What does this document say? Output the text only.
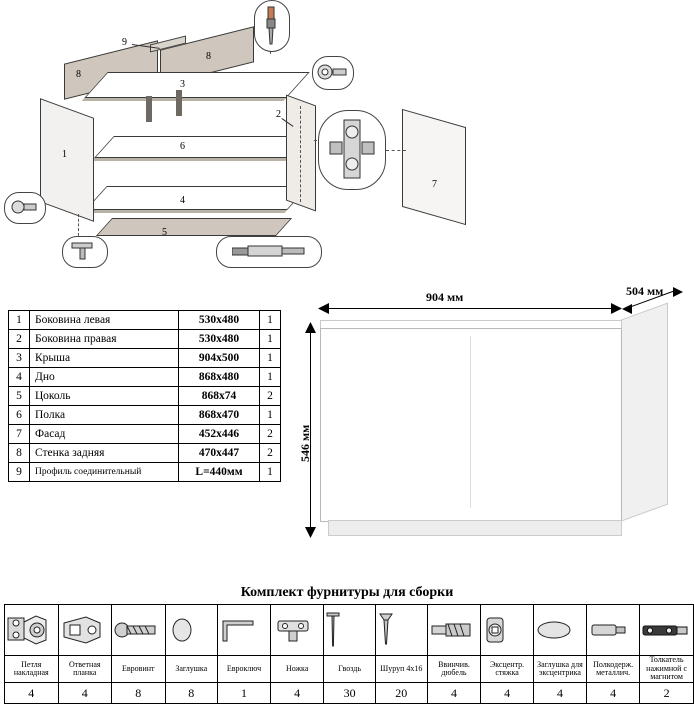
9
8
8
3
1
2
6
4
5
7
1	Боковина левая	530х480	1
2	Боковина правая	530х480	1
3	Крыша	904х500	1
4	Дно	868х480	1
5	Цоколь	868х74	2
6	Полка	868х470	1
7	Фасад	452х446	2
8	Стенка задняя	470х447	2
9	Профиль соединительный	L=440мм	1
904 мм	504 мм
546 мм
Комплект фурнитуры для сборки

Петля накладная	Ответная планка	Евровинт	Заглушка	Евроключ	Ножка	Гвоздь	Шуруп 4х16	Ввинчив. дюбель	Эксцентр. стяжка	Заглушка для эксцентрика	Полкодерж. металлич.	Толкатель нажимной с магнитом
4	4	8	8	1	4	30	20	4	4	4	4	2
